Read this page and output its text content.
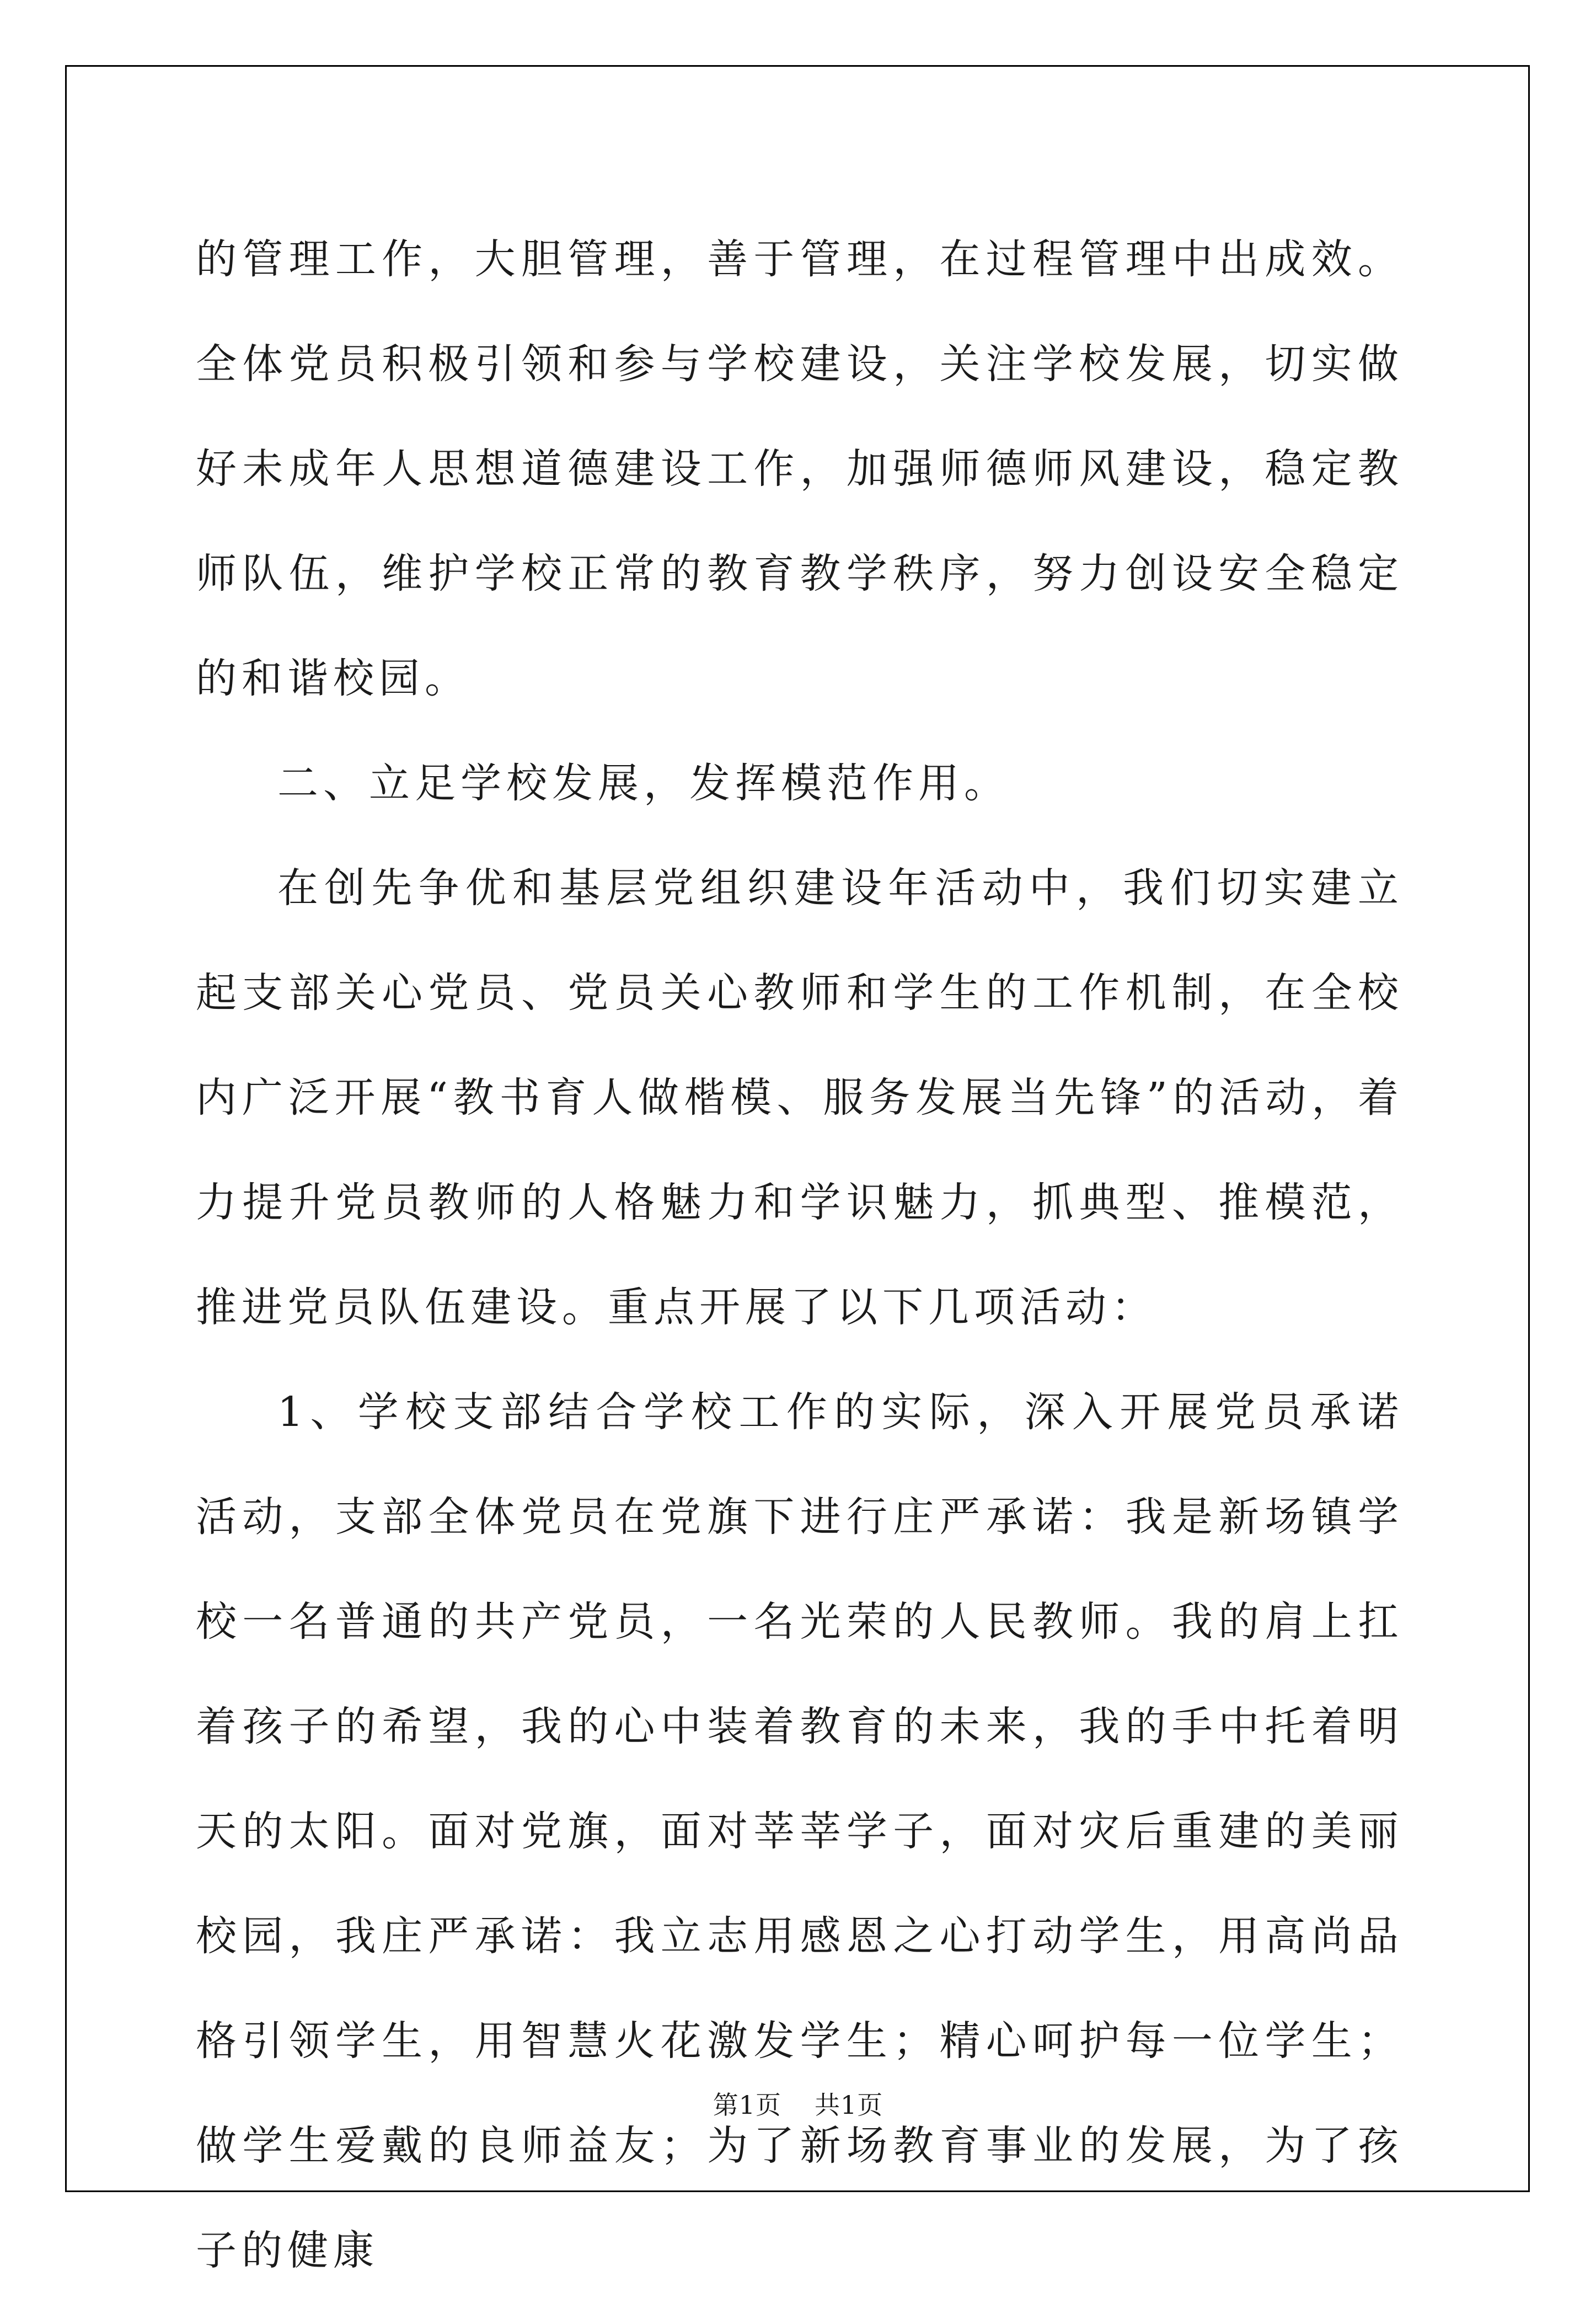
的管理工作，大胆管理，善于管理，在过程管理中出成效。全体党员积极引领和参与学校建设，关注学校发展，切实做好未成年人思想道德建设工作，加强师德师风建设，稳定教师队伍，维护学校正常的教育教学秩序，努力创设安全稳定的和谐校园。

二、立足学校发展，发挥模范作用。

在创先争优和基层党组织建设年活动中，我们切实建立起支部关心党员、党员关心教师和学生的工作机制，在全校内广泛开展“教书育人做楷模、服务发展当先锋”的活动，着力提升党员教师的人格魅力和学识魅力，抓典型、推模范，推进党员队伍建设。重点开展了以下几项活动：

1、学校支部结合学校工作的实际，深入开展党员承诺活动，支部全体党员在党旗下进行庄严承诺：我是新场镇学校一名普通的共产党员，一名光荣的人民教师。我的肩上扛着孩子的希望，我的心中装着教育的未来，我的手中托着明天的太阳。面对党旗，面对莘莘学子，面对灾后重建的美丽校园，我庄严承诺：我立志用感恩之心打动学生，用高尚品格引领学生，用智慧火花激发学生；精心呵护每一位学生；做学生爱戴的良师益友；为了新场教育事业的发展，为了孩子的健康

第1页 共1页
